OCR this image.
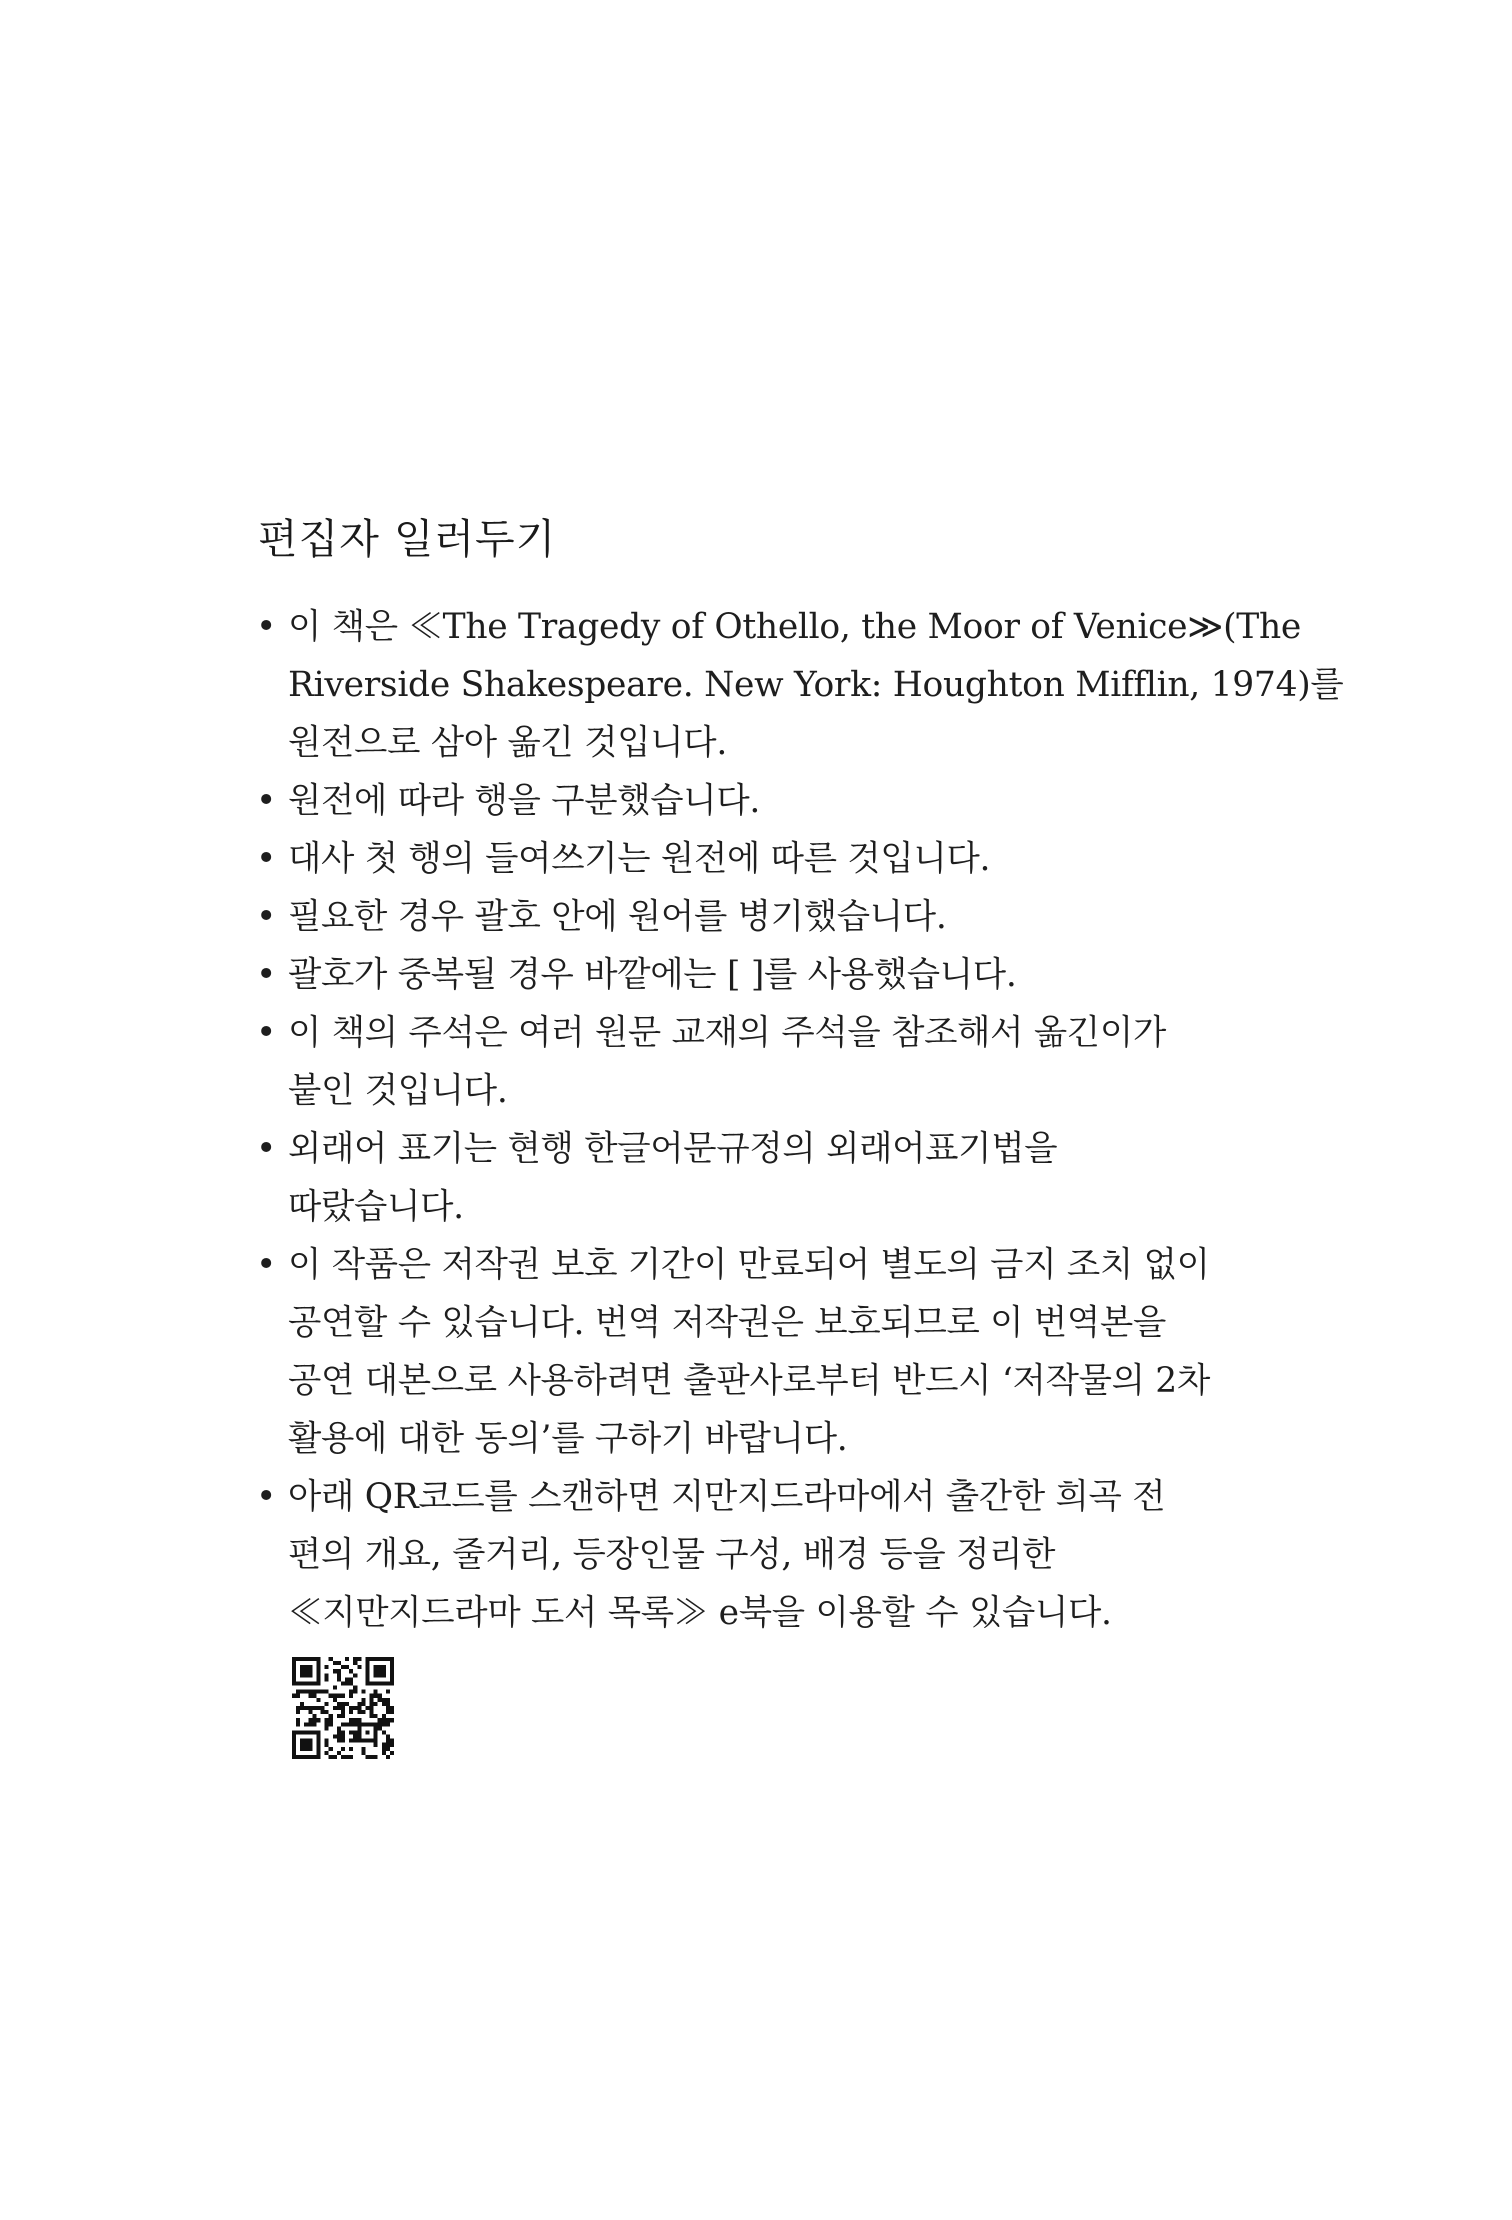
편집자 일러두기
• 이 책은 ≪The Tragedy of Othello, the Moor of Venice≫(The
Riverside Shakespeare. New York: Houghton Mifflin, 1974)를
원전으로 삼아 옮긴 것입니다.
• 원전에 따라 행을 구분했습니다.
• 대사 첫 행의 들여쓰기는 원전에 따른 것입니다.
• 필요한 경우 괄호 안에 원어를 병기했습니다.
• 괄호가 중복될 경우 바깥에는 [ ]를 사용했습니다.
• 이 책의 주석은 여러 원문 교재의 주석을 참조해서 옮긴이가
붙인 것입니다.
• 외래어 표기는 현행 한글어문규정의 외래어표기법을
따랐습니다.
• 이 작품은 저작권 보호 기간이 만료되어 별도의 금지 조치 없이
공연할 수 있습니다. 번역 저작권은 보호되므로 이 번역본을
공연 대본으로 사용하려면 출판사로부터 반드시 ‘저작물의 2차
활용에 대한 동의’를 구하기 바랍니다.
• 아래 QR코드를 스캔하면 지만지드라마에서 출간한 희곡 전
편의 개요, 줄거리, 등장인물 구성, 배경 등을 정리한
≪지만지드라마 도서 목록≫ e북을 이용할 수 있습니다.
